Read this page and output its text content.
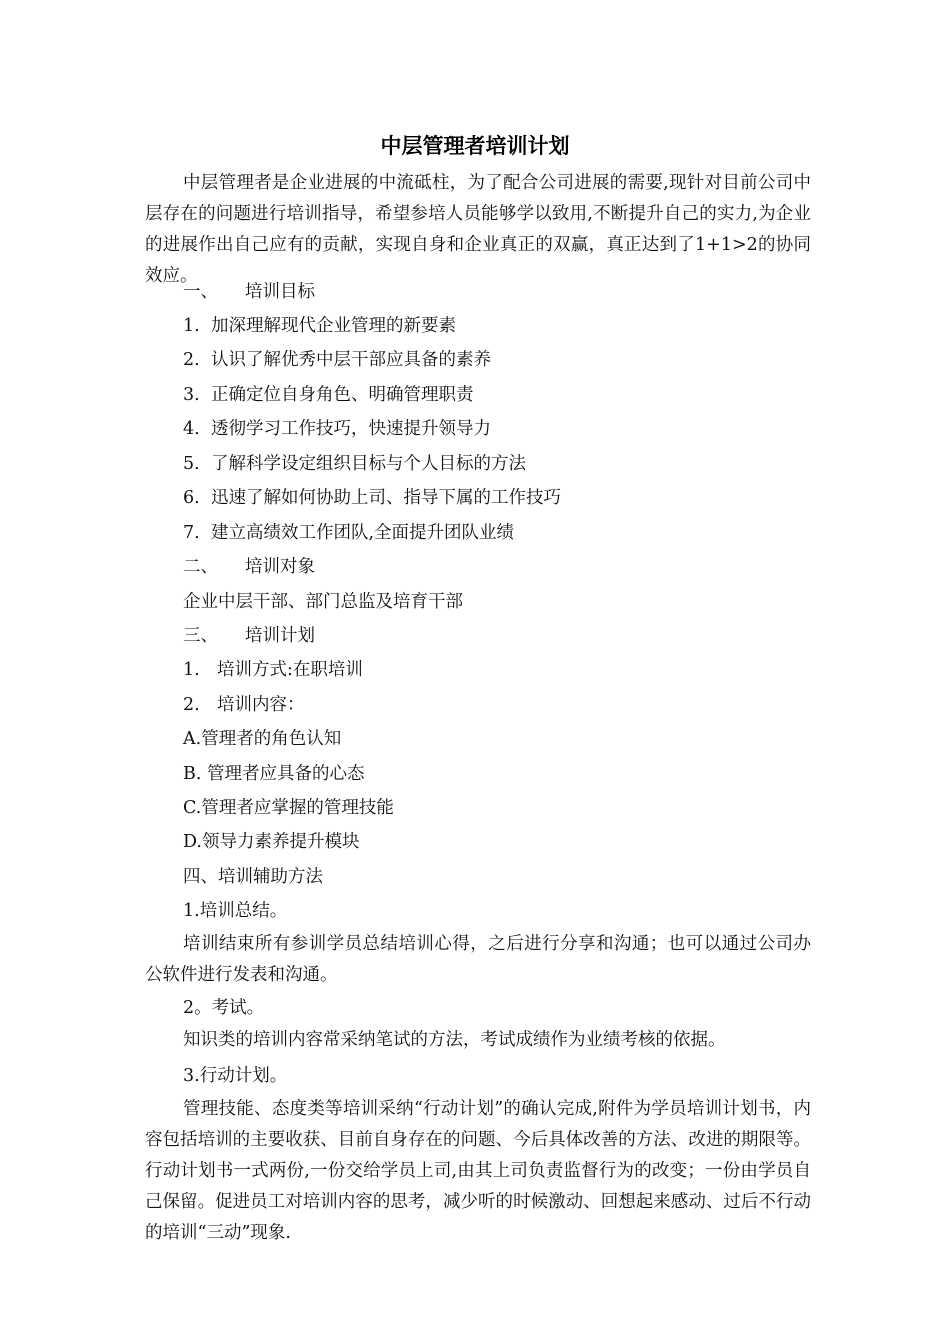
中层管理者培训计划
中层管理者是企业进展的中流砥柱，为了配合公司进展的需要,现针对目前公司中层存在的问题进行培训指导，希望参培人员能够学以致用,不断提升自己的实力,为企业的进展作出自己应有的贡献，实现自身和企业真正的双赢，真正达到了1+1>2的协同效应。
一、 培训目标
1. 加深理解现代企业管理的新要素
2. 认识了解优秀中层干部应具备的素养
3. 正确定位自身角色、明确管理职责
4. 透彻学习工作技巧，快速提升领导力
5. 了解科学设定组织目标与个人目标的方法
6. 迅速了解如何协助上司、指导下属的工作技巧
7. 建立高绩效工作团队,全面提升团队业绩
二、 培训对象
企业中层干部、部门总监及培育干部
三、 培训计划
1. 培训方式:在职培训
2. 培训内容：
A.管理者的角色认知
B. 管理者应具备的心态
C.管理者应掌握的管理技能
D.领导力素养提升模块
四、培训辅助方法
1.培训总结。
培训结束所有参训学员总结培训心得，之后进行分享和沟通；也可以通过公司办公软件进行发表和沟通。
2。考试。
知识类的培训内容常采纳笔试的方法，考试成绩作为业绩考核的依据。
3.行动计划。
管理技能、态度类等培训采纳“行动计划”的确认完成,附件为学员培训计划书，内容包括培训的主要收获、目前自身存在的问题、今后具体改善的方法、改进的期限等。行动计划书一式两份,一份交给学员上司,由其上司负责监督行为的改变；一份由学员自己保留。促进员工对培训内容的思考，减少听的时候激动、回想起来感动、过后不行动的培训“三动”现象.
